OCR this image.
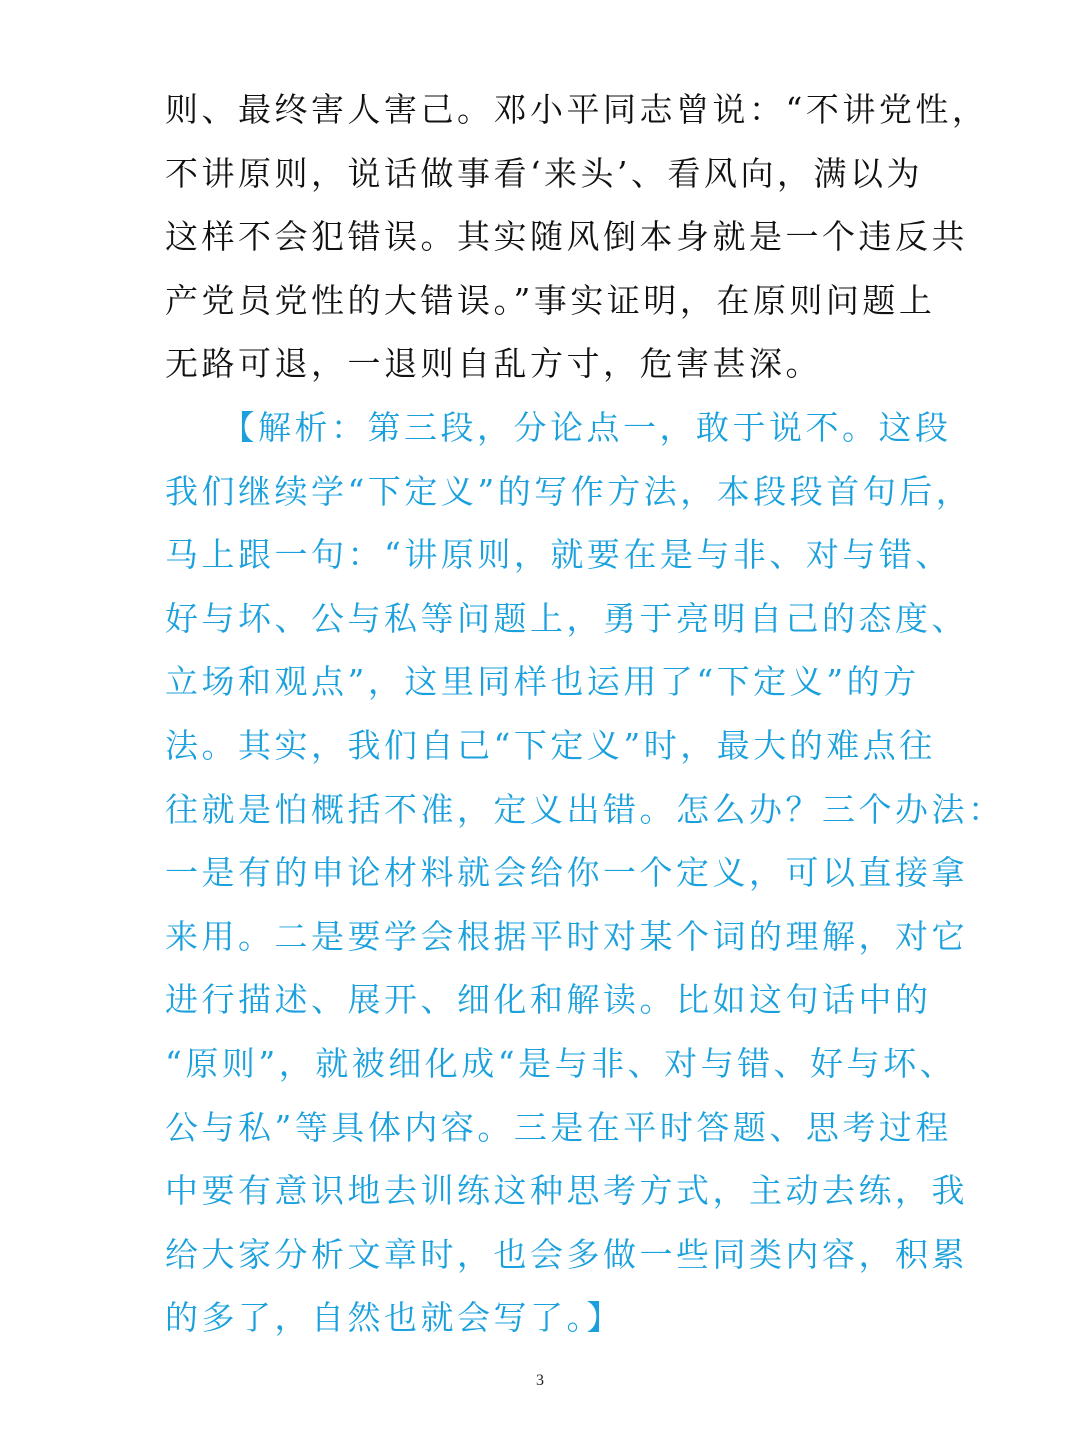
则、最终害人害己。邓小平同志曾说：“不讲党性，
不讲原则，说话做事看‘来头’、看风向，满以为
这样不会犯错误。其实随风倒本身就是一个违反共
产党员党性的大错误。”事实证明，在原则问题上
无路可退，一退则自乱方寸，危害甚深。
　　【解析：第三段，分论点一，敢于说不。这段
我们继续学“下定义”的写作方法，本段段首句后，
马上跟一句：“讲原则，就要在是与非、对与错、
好与坏、公与私等问题上，勇于亮明自己的态度、
立场和观点”，这里同样也运用了“下定义”的方
法。其实，我们自己“下定义”时，最大的难点往
往就是怕概括不准，定义出错。怎么办？三个办法：
一是有的申论材料就会给你一个定义，可以直接拿
来用。二是要学会根据平时对某个词的理解，对它
进行描述、展开、细化和解读。比如这句话中的
“原则”，就被细化成“是与非、对与错、好与坏、
公与私”等具体内容。三是在平时答题、思考过程
中要有意识地去训练这种思考方式，主动去练，我
给大家分析文章时，也会多做一些同类内容，积累
的多了，自然也就会写了。】
3
